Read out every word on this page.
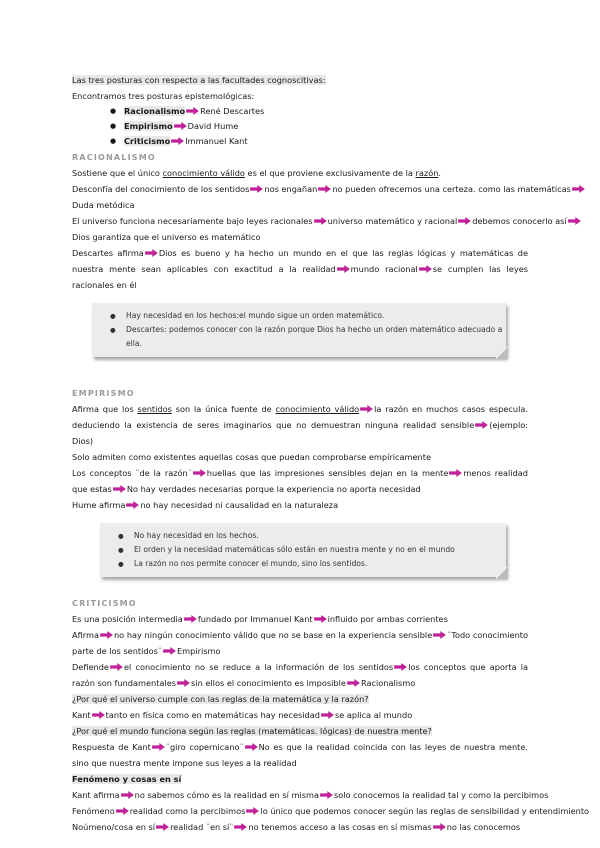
Las tres posturas con respecto a las facultades cognoscitivas:

Encontramos tres posturas epistemológicas:

● Racionalismo René Descartes
● Empirismo David Hume
● Criticismo Immanuel Kant

RACIONALISMO

Sostiene que el único conocimiento válido es el que proviene exclusivamente de la razón.

Desconfía del conocimiento de los sentidos nos engañan no pueden ofrecernos una certeza. como las matemáticas

Duda metódica

El universo funciona necesariamente bajo leyes racionales universo matemático y racional debemos conocerlo así

Dios garantiza que el universo es matemático

Descartes afirma Dios es bueno y ha hecho un mundo en el que las reglas lógicas y matemáticas de nuestra mente sean aplicables con exactitud a la realidad mundo racional se cumplen las leyes racionales en él

● Hay necesidad en los hechos:el mundo sigue un orden matemático.
● Descartes: podemos conocer con la razón porque Dios ha hecho un orden matemático adecuado a ella.

EMPIRISMO

Afirma que los sentidos son la única fuente de conocimiento válido la razón en muchos casos especula. deduciendo la existencia de seres imaginarios que no demuestran ninguna realidad sensible (ejemplo: Dios)

Solo admiten como existentes aquellas cosas que puedan comprobarse empíricamente

Los conceptos ¨de la razón¨ huellas que las impresiones sensibles dejan en la mente menos realidad que estas No hay verdades necesarias porque la experiencia no aporta necesidad

Hume afirma no hay necesidad ni causalidad en la naturaleza

● No hay necesidad en los hechos.
● El orden y la necesidad matemáticas sólo están en nuestra mente y no en el mundo
● La razón no nos permite conocer el mundo, sino los sentidos.

CRITICISMO

Es una posición intermedia fundado por Immanuel Kant influido por ambas corrientes

Afirma no hay ningún conocimiento válido que no se base en la experiencia sensible ¨Todo conocimiento parte de los sentidos¨ Empirismo

Defiende el conocimiento no se reduce a la información de los sentidos los conceptos que aporta la razón son fundamentales sin ellos el conocimiento es imposible Racionalismo

¿Por qué el universo cumple con las reglas de la matemática y la razón?

Kant tanto en física como en matemáticas hay necesidad se aplica al mundo

¿Por qué el mundo funciona según las reglas (matemáticas. lógicas) de nuestra mente?

Respuesta de Kant ¨giro copernicano¨ No es que la realidad coincida con las leyes de nuestra mente. sino que nuestra mente impone sus leyes a la realidad

Fenómeno y cosas en sí

Kant afirma no sabemos cómo es la realidad en sí misma solo conocemos la realidad tal y como la percibimos

Fenómeno realidad como la percibimos lo único que podemos conocer según las reglas de sensibilidad y entendimiento

Noúmeno/cosa en sí realidad ¨en sí¨ no tenemos acceso a las cosas en sí mismas no las conocemos
